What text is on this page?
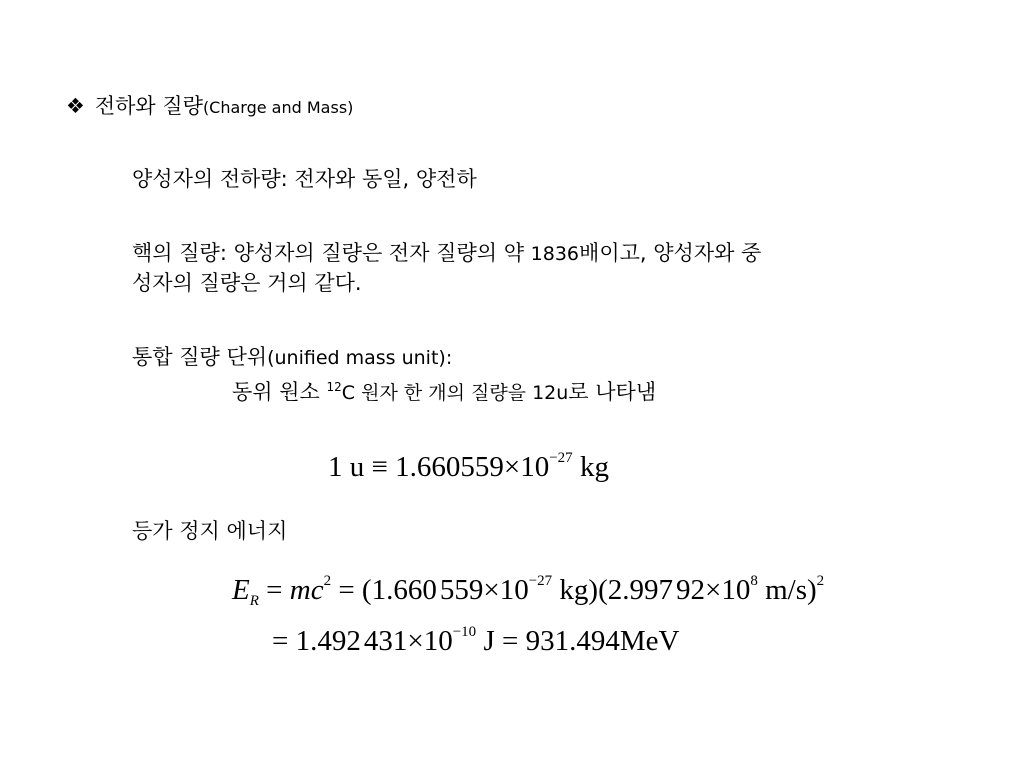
❖ 전하와 질량(Charge and Mass)
양성자의 전하량: 전자와 동일, 양전하
핵의 질량: 양성자의 질량은 전자 질량의 약 1836배이고, 양성자와 중
성자의 질량은 거의 같다.
통합 질량 단위(unified mass unit):
동위 원소 $^{12}$C 원자 한 개의 질량을 12u로 나타냄
1 $u \equiv 1.660559\times 10^{-27}$ kg
등가 정지 에너지
$E_R = mc^2 = (1.660$ $559\times 10^{-27}$ kg)(2.997 $92\times 10^8$ m/s)$^2$
= 1.492 $431\times 10^{-10}$ J = 931.494MeV
